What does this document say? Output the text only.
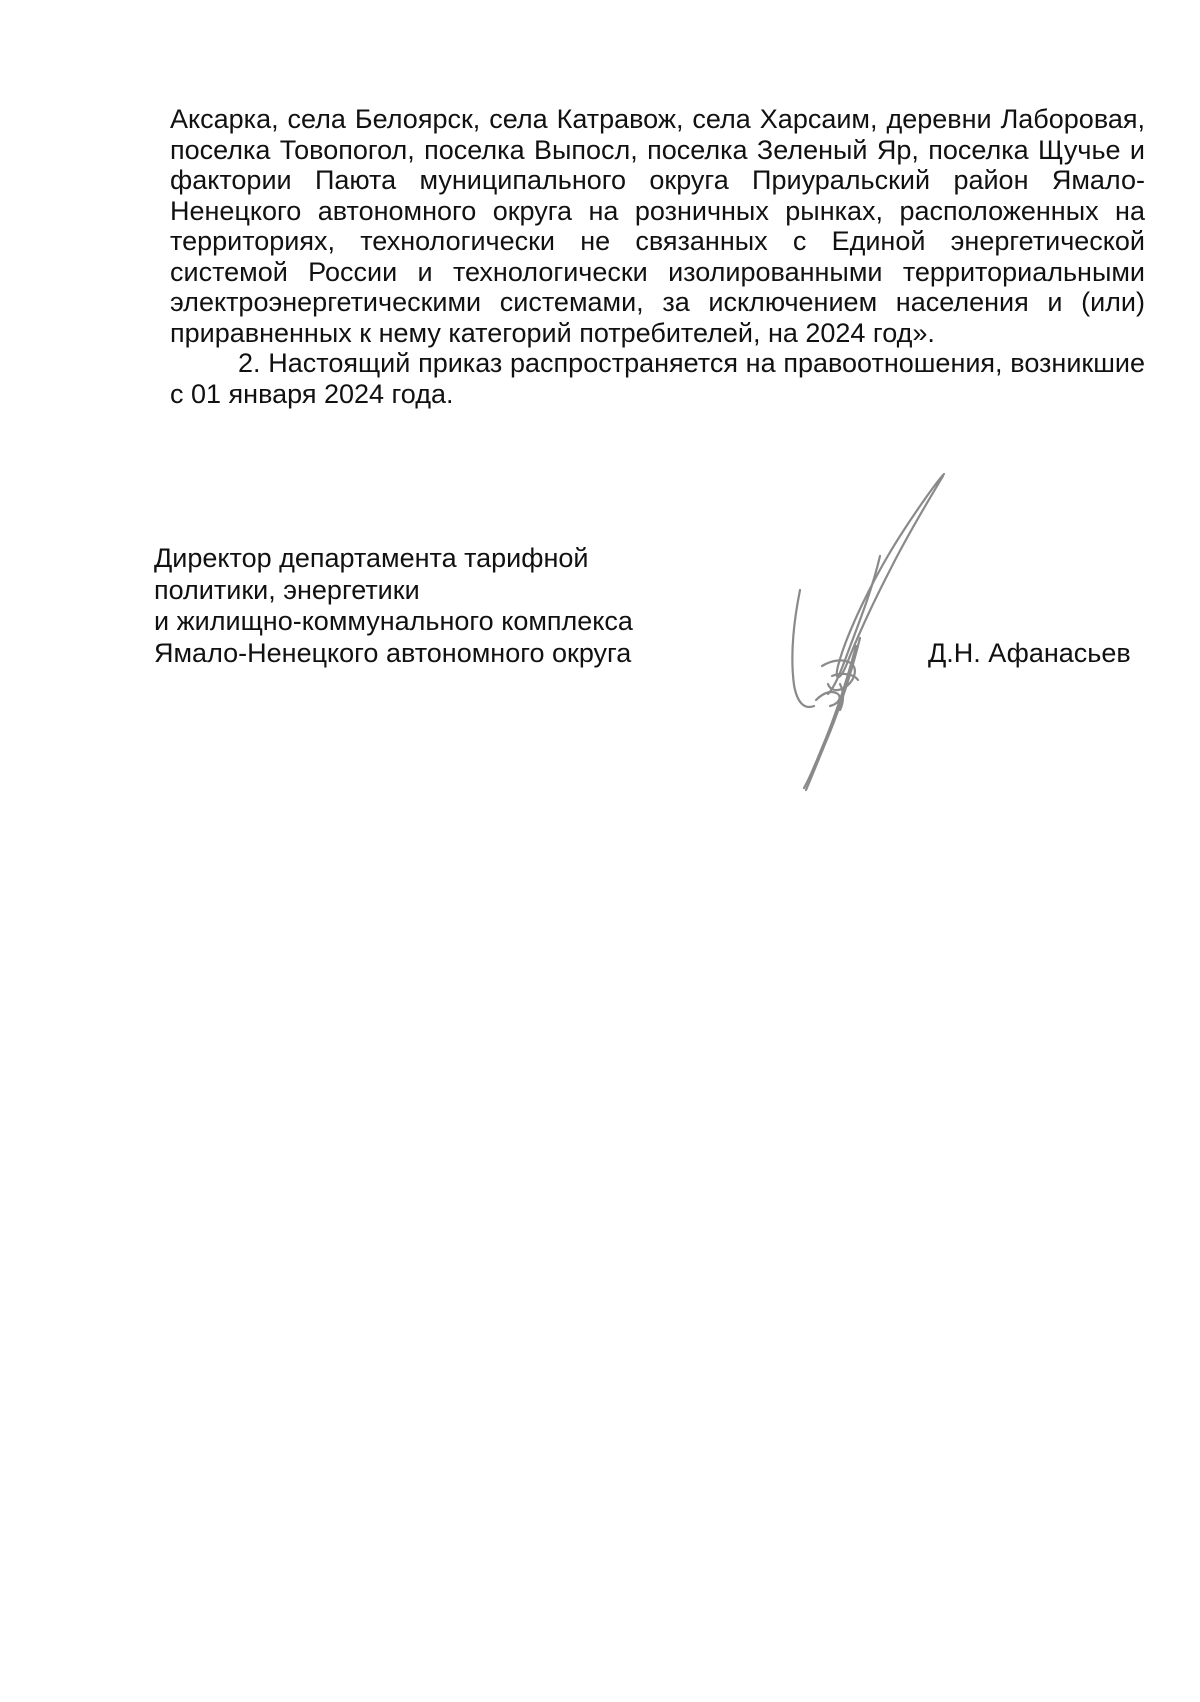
Аксарка, села Белоярск, села Катравож, села Харсаим, деревни Лаборовая, поселка Товопогол, поселка Выпосл, поселка Зеленый Яр, поселка Щучье и фактории Паюта муниципального округа Приуральский район Ямало-Ненецкого автономного округа на розничных рынках, расположенных на территориях, технологически не связанных с Единой энергетической системой России и технологически изолированными территориальными электроэнергетическими системами, за исключением населения и (или) приравненных к нему категорий потребителей, на 2024 год».

2. Настоящий приказ распространяется на правоотношения, возникшие с 01 января 2024 года.

Директор департамента тарифной
политики, энергетики
и жилищно-коммунального комплекса
Ямало-Ненецкого автономного округа	Д.Н. Афанасьев
